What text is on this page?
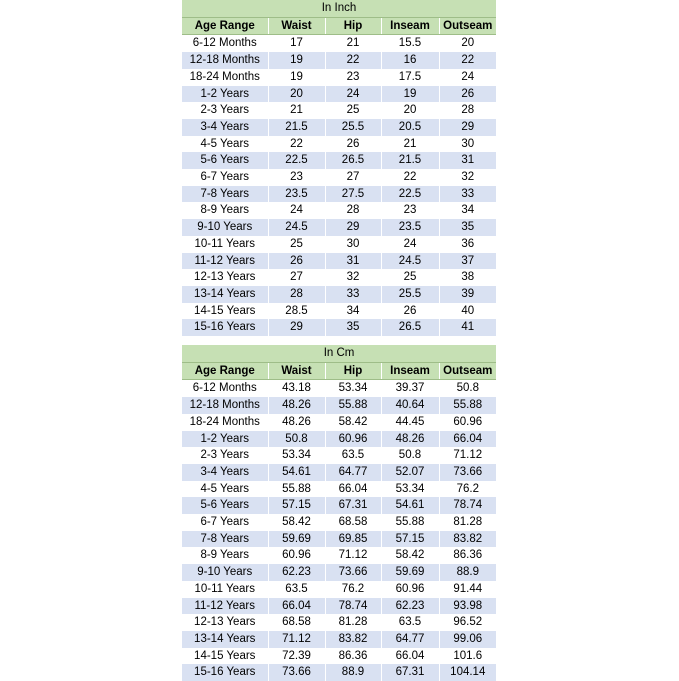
In Inch				
Age Range	Waist	Hip	Inseam	Outseam
6-12 Months	17	21	15.5	20
12-18 Months	19	22	16	22
18-24 Months	19	23	17.5	24
1-2 Years	20	24	19	26
2-3 Years	21	25	20	28
3-4 Years	21.5	25.5	20.5	29
4-5 Years	22	26	21	30
5-6 Years	22.5	26.5	21.5	31
6-7 Years	23	27	22	32
7-8 Years	23.5	27.5	22.5	33
8-9 Years	24	28	23	34
9-10 Years	24.5	29	23.5	35
10-11 Years	25	30	24	36
11-12 Years	26	31	24.5	37
12-13 Years	27	32	25	38
13-14 Years	28	33	25.5	39
14-15 Years	28.5	34	26	40
15-16 Years	29	35	26.5	41
In Cm				
Age Range	Waist	Hip	Inseam	Outseam
6-12 Months	43.18	53.34	39.37	50.8
12-18 Months	48.26	55.88	40.64	55.88
18-24 Months	48.26	58.42	44.45	60.96
1-2 Years	50.8	60.96	48.26	66.04
2-3 Years	53.34	63.5	50.8	71.12
3-4 Years	54.61	64.77	52.07	73.66
4-5 Years	55.88	66.04	53.34	76.2
5-6 Years	57.15	67.31	54.61	78.74
6-7 Years	58.42	68.58	55.88	81.28
7-8 Years	59.69	69.85	57.15	83.82
8-9 Years	60.96	71.12	58.42	86.36
9-10 Years	62.23	73.66	59.69	88.9
10-11 Years	63.5	76.2	60.96	91.44
11-12 Years	66.04	78.74	62.23	93.98
12-13 Years	68.58	81.28	63.5	96.52
13-14 Years	71.12	83.82	64.77	99.06
14-15 Years	72.39	86.36	66.04	101.6
15-16 Years	73.66	88.9	67.31	104.14
